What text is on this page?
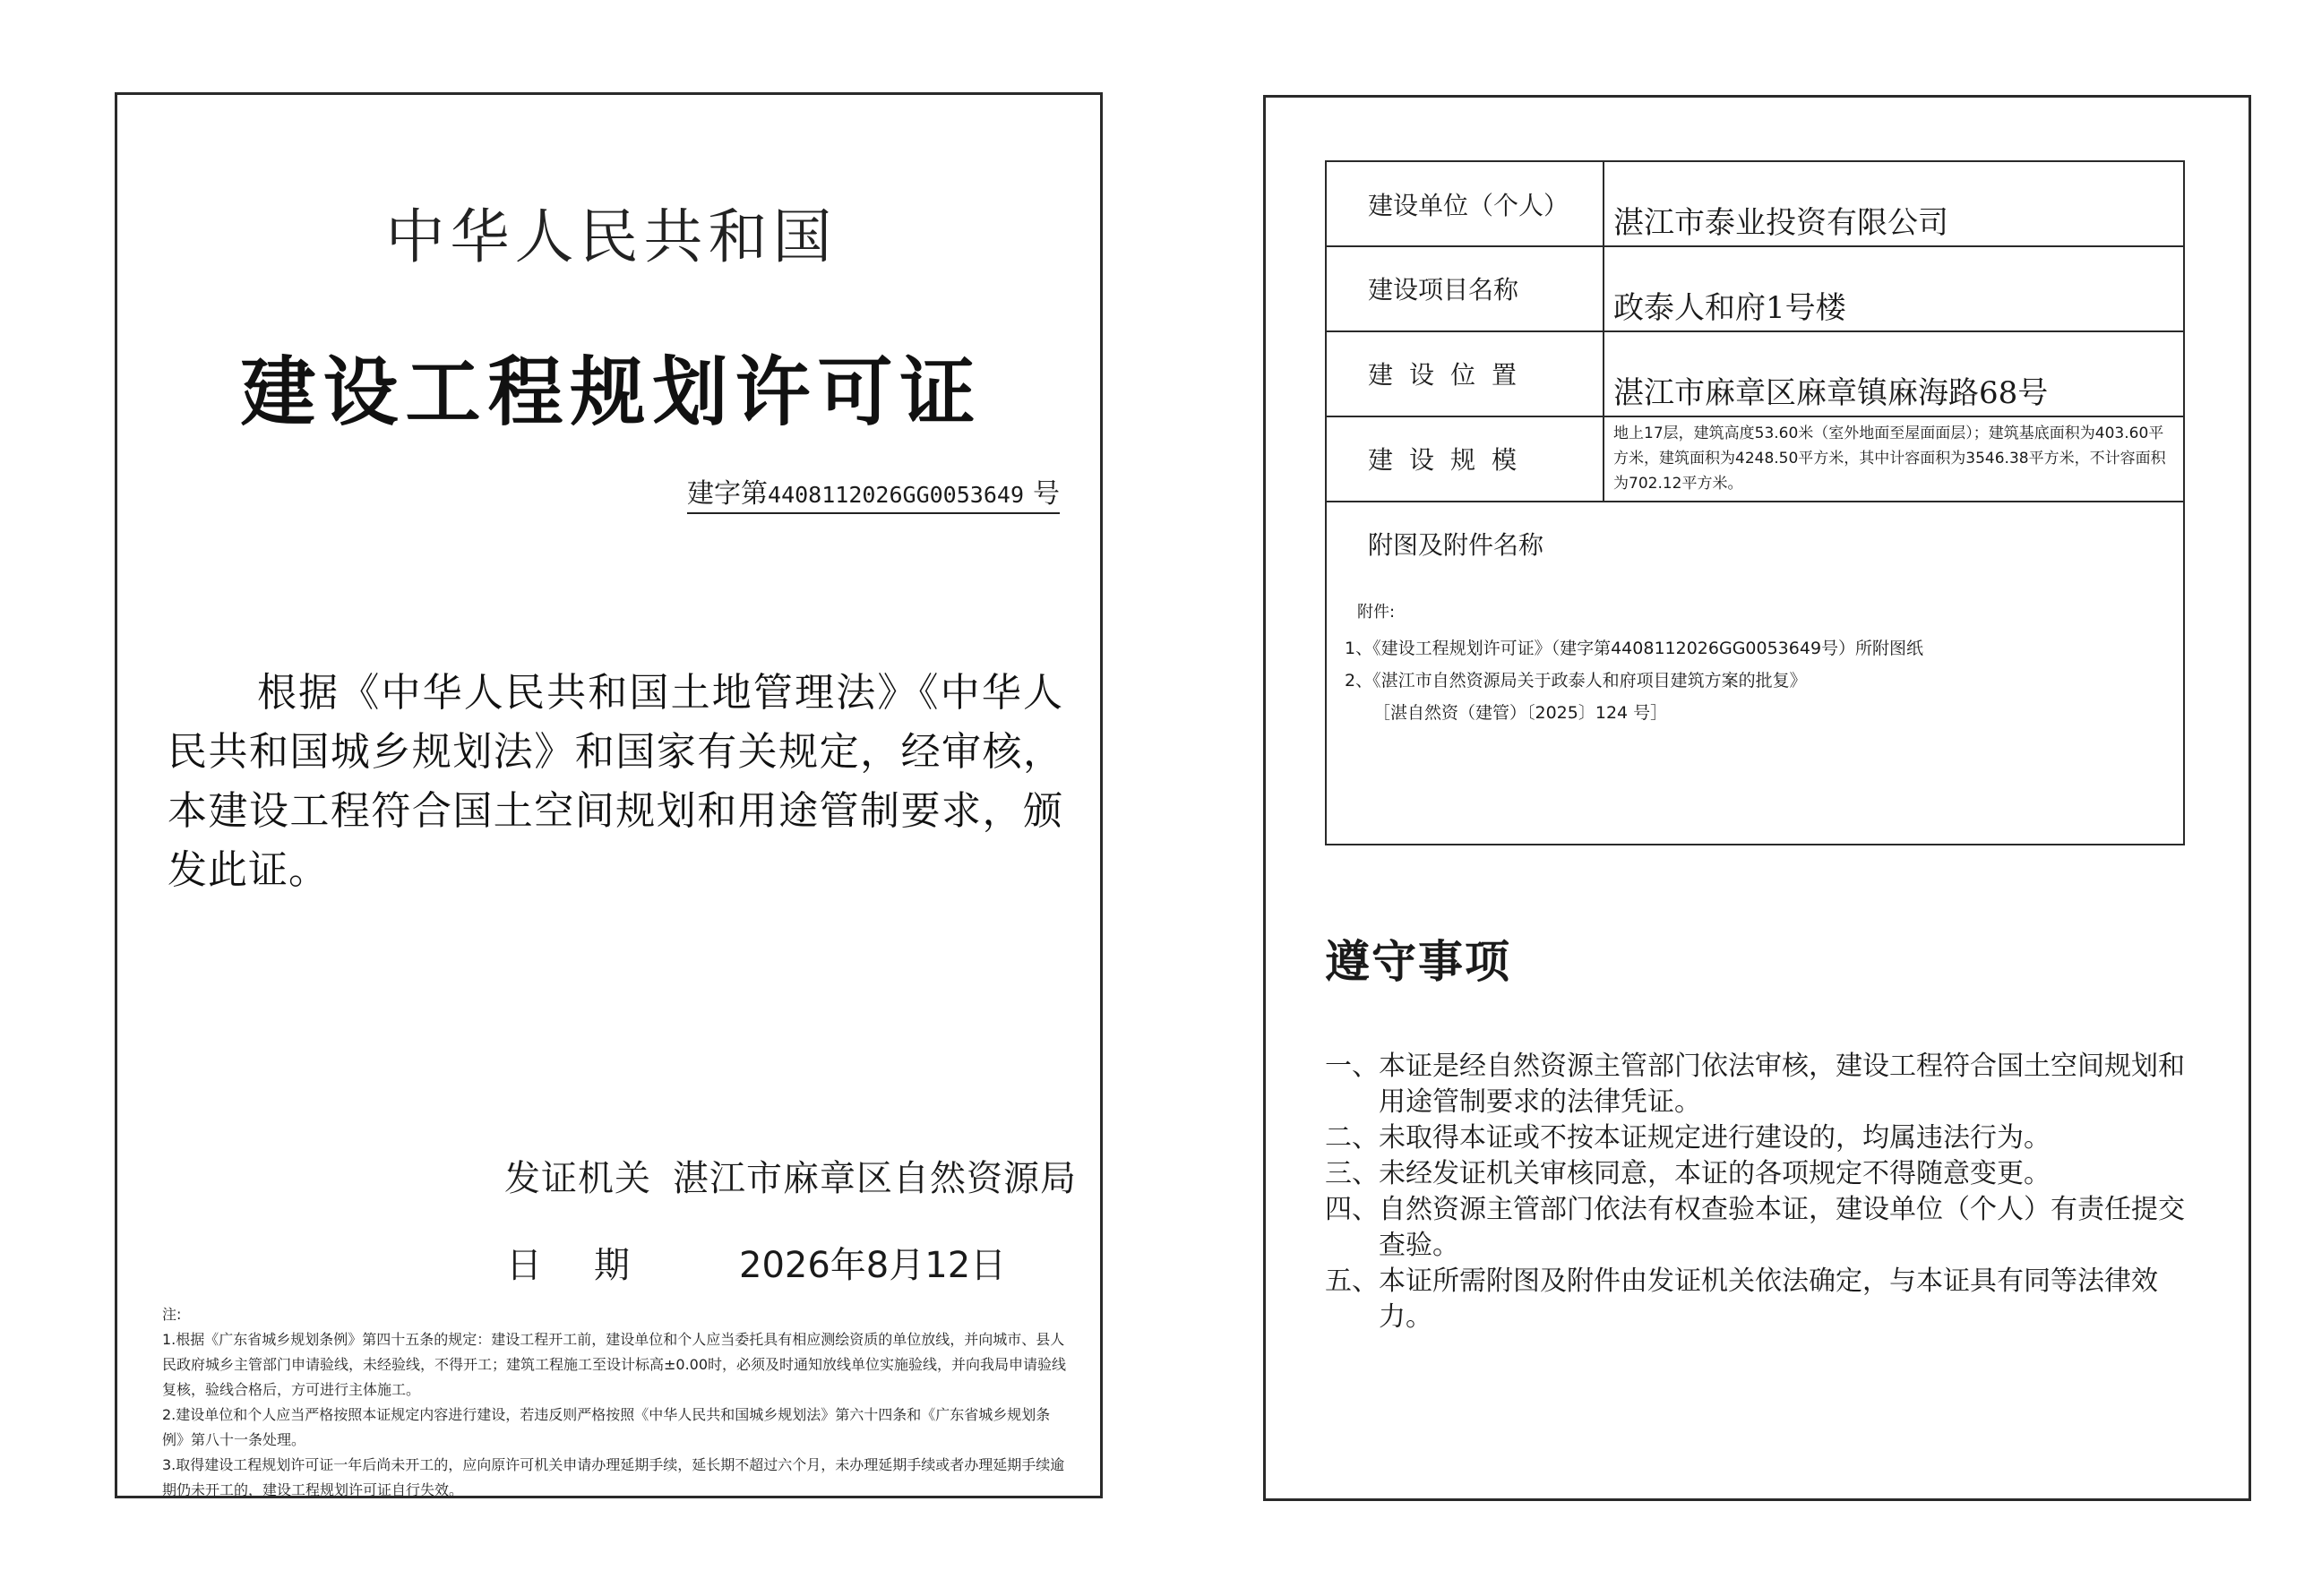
中华人民共和国
建设工程规划许可证
建字第4408112026GG0053649 号
根据《中华人民共和国土地管理法》《中华人民共和国城乡规划法》和国家有关规定，经审核，本建设工程符合国土空间规划和用途管制要求，颁发此证。
发证机关 湛江市麻章区自然资源局
日期 2026年8月12日

注:

1.根据《广东省城乡规划条例》第四十五条的规定：建设工程开工前，建设单位和个人应当委托具有相应测绘资质的单位放线，并向城市、县人民政府城乡主管部门申请验线，未经验线，不得开工；建筑工程施工至设计标高±0.00时，必须及时通知放线单位实施验线，并向我局申请验线复核，验线合格后，方可进行主体施工。

2.建设单位和个人应当严格按照本证规定内容进行建设，若违反则严格按照《中华人民共和国城乡规划法》第六十四条和《广东省城乡规划条例》第八十一条处理。

3.取得建设工程规划许可证一年后尚未开工的，应向原许可机关申请办理延期手续，延长期不超过六个月，未办理延期手续或者办理延期手续逾期仍未开工的，建设工程规划许可证自行失效。

建设单位（个人）	湛江市泰业投资有限公司
建设项目名称
政泰人和府1号楼
建设位置
湛江市麻章区麻章镇麻海路68号
建设规模
地上17层，建筑高度53.60米（室外地面至屋面面层）；建筑基底面积为403.60平方米，建筑面积为4248.50平方米，其中计容面积为3546.38平方米，不计容面积为702.12平方米。
附图及附件名称
附件:
1、《建设工程规划许可证》（建字第4408112026GG0053649号）所附图纸
2、《湛江市自然资源局关于政泰人和府项目建筑方案的批复》
［湛自然资（建管）〔2025〕124 号］
遵守事项
一、 本证是经自然资源主管部门依法审核，建设工程符合国土空间规划和用途管制要求的法律凭证。
二、 未取得本证或不按本证规定进行建设的，均属违法行为。
三、 未经发证机关审核同意，本证的各项规定不得随意变更。
四、 自然资源主管部门依法有权查验本证，建设单位（个人）有责任提交查验。
五、 本证所需附图及附件由发证机关依法确定，与本证具有同等法律效力。
